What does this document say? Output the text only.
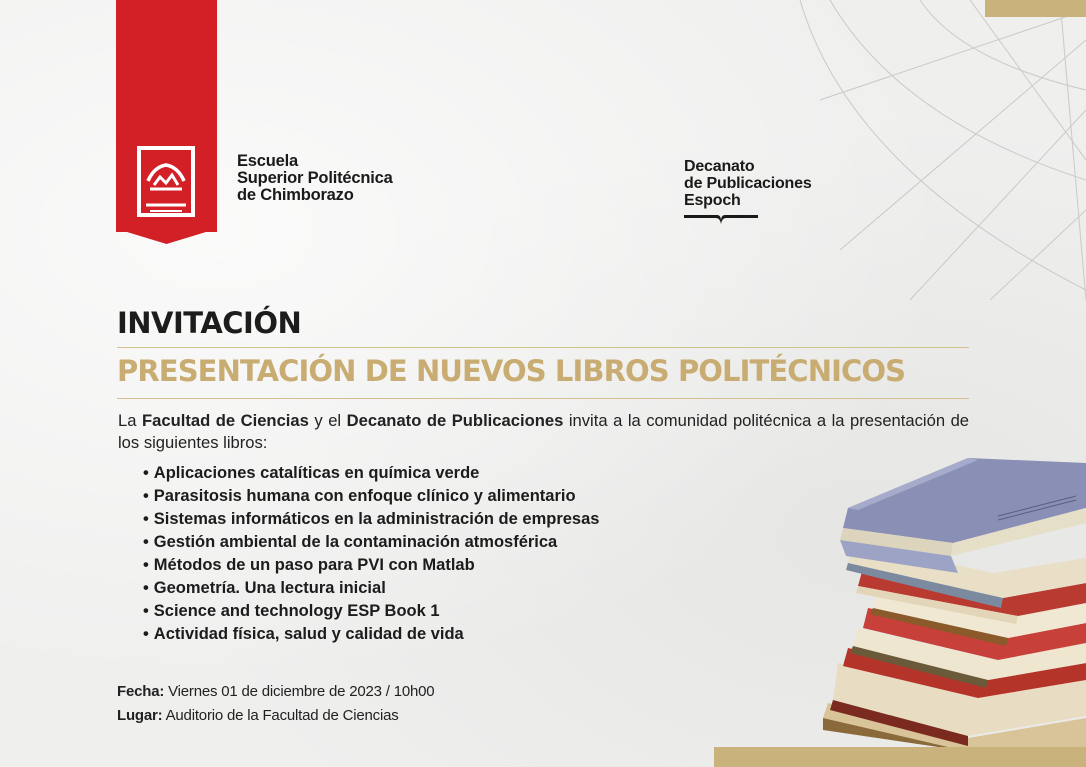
Escuela
Superior Politécnica
de Chimborazo
Decanato
de Publicaciones
Espoch
INVITACIÓN
PRESENTACIÓN DE NUEVOS LIBROS POLITÉCNICOS
La Facultad de Ciencias y el Decanato de Publicaciones invita a la comunidad politécnica a la presentación de los siguientes libros:
• Aplicaciones catalíticas en química verde
• Parasitosis humana con enfoque clínico y alimentario
• Sistemas informáticos en la administración de empresas
• Gestión ambiental de la contaminación atmosférica
• Métodos de un paso para PVI con Matlab
• Geometría. Una lectura inicial
• Science and technology ESP Book 1
• Actividad física, salud y calidad de vida
Fecha: Viernes 01 de diciembre de 2023 / 10h00
Lugar: Auditorio de la Facultad de Ciencias
